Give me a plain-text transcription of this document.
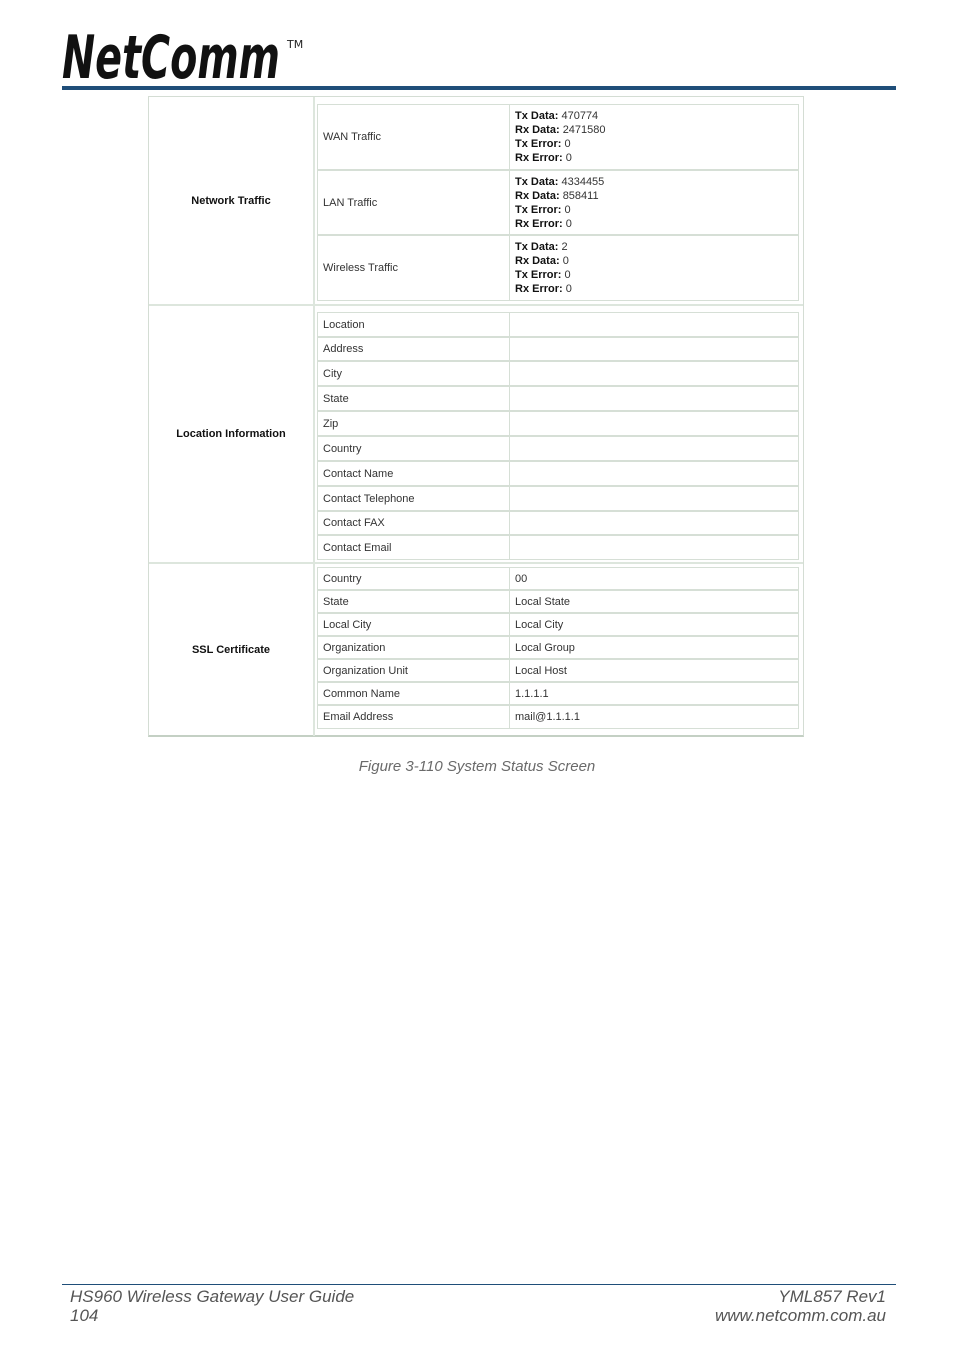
NetComm TM
Network Traffic
WAN Traffic
Tx Data: 470774
Rx Data: 2471580
Tx Error: 0
Rx Error: 0
LAN Traffic
Tx Data: 4334455
Rx Data: 858411
Tx Error: 0
Rx Error: 0
Wireless Traffic
Tx Data: 2
Rx Data: 0
Tx Error: 0
Rx Error: 0
Location Information
Location
Address
City
State
Zip
Country
Contact Name
Contact Telephone
Contact FAX
Contact Email
SSL Certificate
Country	00
State	Local State
Local City	Local City
Organization	Local Group
Organization Unit	Local Host
Common Name	1.1.1.1
Email Address	mail@1.1.1.1
Figure 3-110 System Status Screen
HS960 Wireless Gateway User Guide
104
YML857 Rev1
www.netcomm.com.au
